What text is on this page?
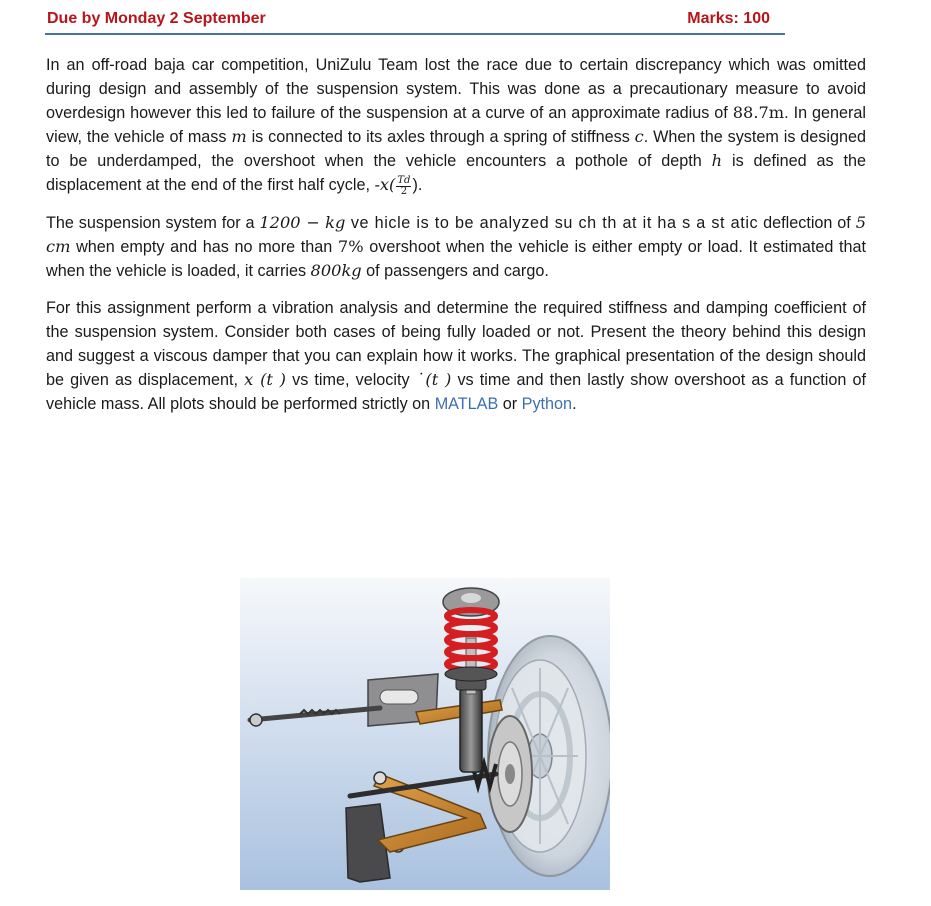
Due by Monday 2 September	Marks: 100

In an off-road baja car competition, UniZulu Team lost the race due to certain discrepancy which was omitted during design and assembly of the suspension system. This was done as a precautionary measure to avoid overdesign however this led to failure of the suspension at a curve of an approximate radius of 88.7m. In general view, the vehicle of mass m is connected to its axles through a spring of stiffness c. When the system is designed to be underdamped, the overshoot when the vehicle encounters a pothole of depth h is defined as the displacement at the end of the first half cycle, $-x( \frac{Td}{2}$ ).

The suspension system for a 1200 − kg ve hicle is to be analyzed su ch th at it ha s a st atic deflection of 5 cm when empty and has no more than 7% overshoot when the vehicle is either empty or load. It estimated that when the vehicle is loaded, it carries 800kg of passengers and cargo.

For this assignment perform a vibration analysis and determine the required stiffness and damping coefficient of the suspension system. Consider both cases of being fully loaded or not. Present the theory behind this design and suggest a viscous damper that you can explain how it works. The graphical presentation of the design should be given as displacement, x (t ) vs time, velocity ˙(t ) vs time and then lastly show overshoot as a function of vehicle mass. All plots should be performed strictly on MATLAB or Python.
